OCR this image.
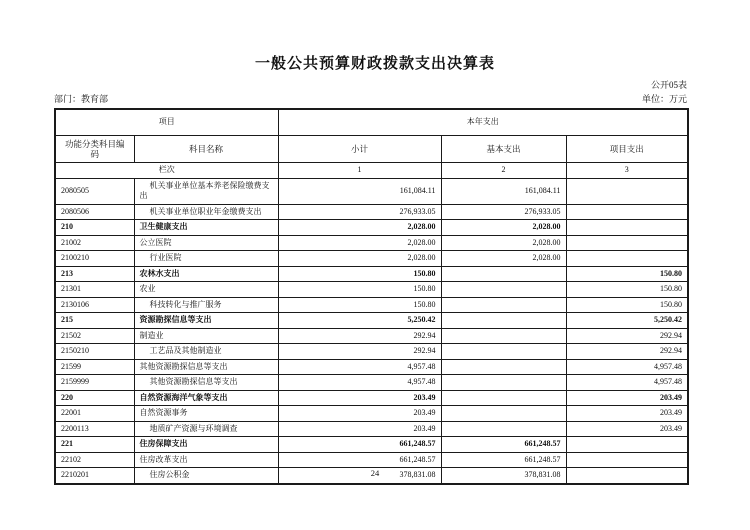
一般公共预算财政拨款支出决算表
公开05表
部门：教育部	单位：万元
项目		本年支出		
功能分类科目编码	科目名称	小计	基本支出	项目支出
栏次		1	2	3
2080505	机关事业单位基本养老保险缴费支出	161,084.11	161,084.11	
2080506	机关事业单位职业年金缴费支出	276,933.05	276,933.05	
210	卫生健康支出	2,028.00	2,028.00	
21002	公立医院	2,028.00	2,028.00	
2100210	行业医院	2,028.00	2,028.00	
213	农林水支出	150.80		150.80
21301	农业	150.80		150.80
2130106	科技转化与推广服务	150.80		150.80
215	资源勘探信息等支出	5,250.42		5,250.42
21502	制造业	292.94		292.94
2150210	工艺品及其他制造业	292.94		292.94
21599	其他资源勘探信息等支出	4,957.48		4,957.48
2159999	其他资源勘探信息等支出	4,957.48		4,957.48
220	自然资源海洋气象等支出	203.49		203.49
22001	自然资源事务	203.49		203.49
2200113	地质矿产资源与环境调查	203.49		203.49
221	住房保障支出	661,248.57	661,248.57	
22102	住房改革支出	661,248.57	661,248.57	
2210201	住房公积金	378,831.08	378,831.08	
24
